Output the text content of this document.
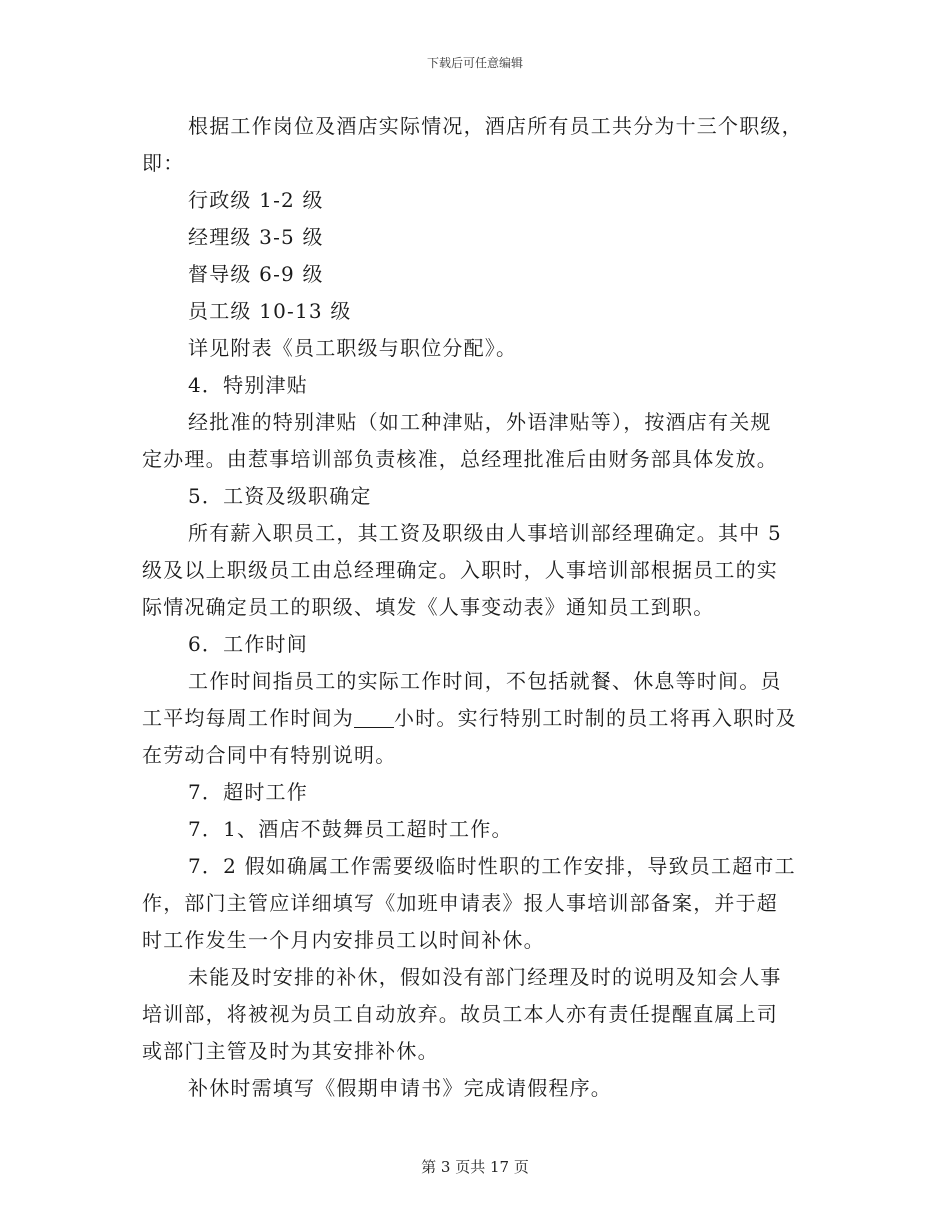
下载后可任意编辑
根据工作岗位及酒店实际情况，酒店所有员工共分为十三个职级，
即：
行政级 1-2 级
经理级 3-5 级
督导级 6-9 级
员工级 10-13 级
详见附表《员工职级与职位分配》。
4．特别津贴
经批准的特别津贴（如工种津贴，外语津贴等），按酒店有关规
定办理。由惹事培训部负责核准，总经理批准后由财务部具体发放。
5．工资及级职确定
所有薪入职员工，其工资及职级由人事培训部经理确定。其中 5
级及以上职级员工由总经理确定。入职时，人事培训部根据员工的实
际情况确定员工的职级、填发《人事变动表》通知员工到职。
6．工作时间
工作时间指员工的实际工作时间，不包括就餐、休息等时间。员
工平均每周工作时间为 小时。实行特别工时制的员工将再入职时及
在劳动合同中有特别说明。
7．超时工作
7．1、酒店不鼓舞员工超时工作。
7．2 假如确属工作需要级临时性职的工作安排，导致员工超市工
作，部门主管应详细填写《加班申请表》报人事培训部备案，并于超
时工作发生一个月内安排员工以时间补休。
未能及时安排的补休，假如没有部门经理及时的说明及知会人事
培训部，将被视为员工自动放弃。故员工本人亦有责任提醒直属上司
或部门主管及时为其安排补休。
补休时需填写《假期申请书》完成请假程序。
第 3 页共 17 页
